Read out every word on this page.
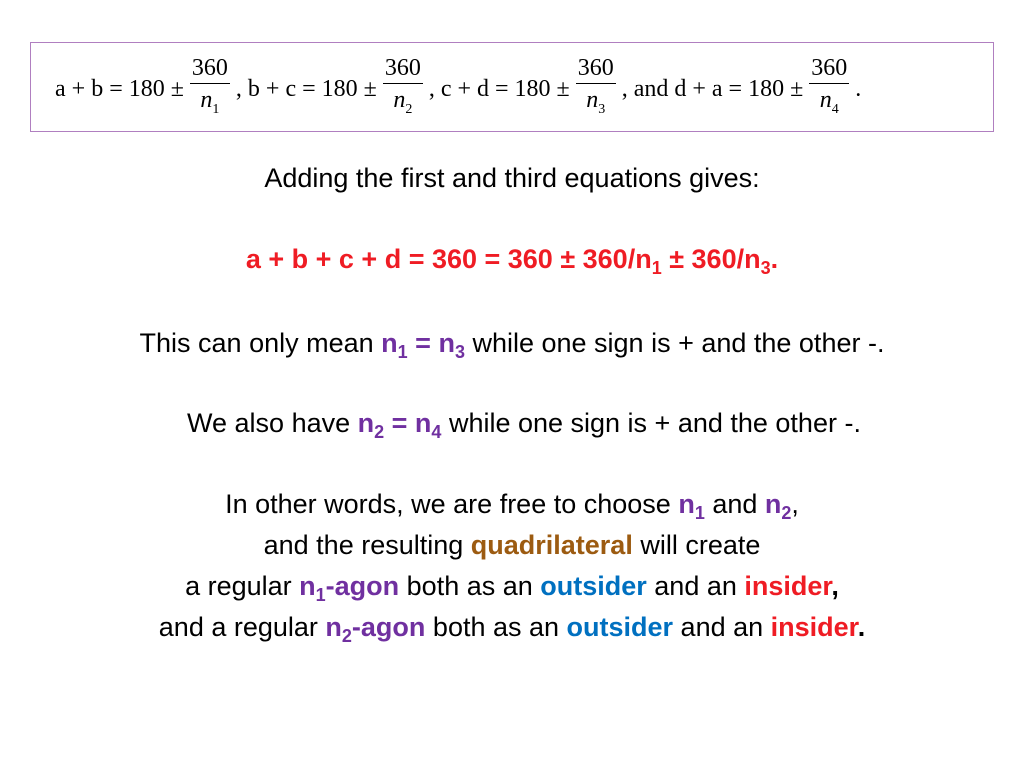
$a + b = 180 \pm \frac{360}{n_1}$ , $b + c = 180 \pm \frac{360}{n_2}$ , $c + d = 180 \pm \frac{360}{n_3}$ , and $d + a = 180 \pm \frac{360}{n_4}$ .
Adding the first and third equations gives:
$a + b + c + d = 360 = 360 \pm 360/n_1 \pm 360/n_3$.
This can only mean $n_1 = n_3$ while one sign is + and the other -.
We also have $n_2 = n_4$ while one sign is + and the other -.
In other words, we are free to choose $n_1$ and $n_2$,
and the resulting quadrilateral will create
a regular $n_1$-agon both as an outsider and an insider,
and a regular $n_2$-agon both as an outsider and an insider.
